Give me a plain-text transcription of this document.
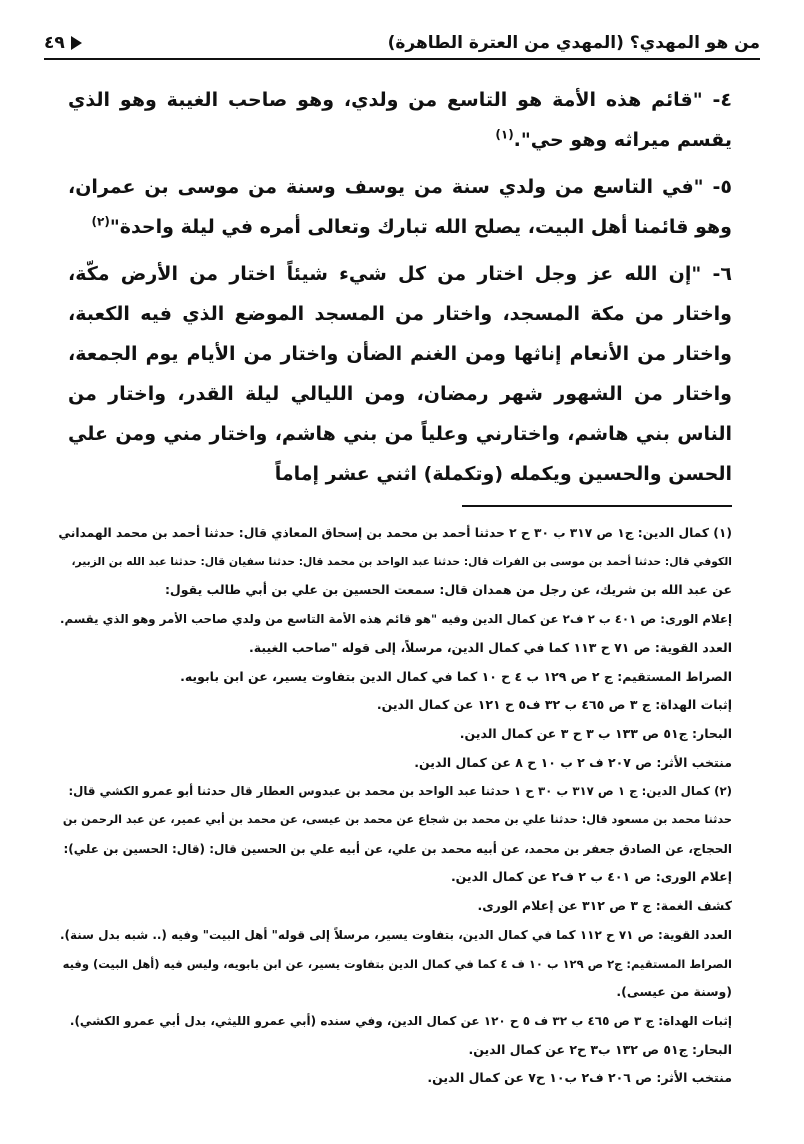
من هو المهدي؟ (المهدي من العترة الطاهرة)
٤٩

٤- "قائم هذه الأمة هو التاسع من ولدي، وهو صاحب الغيبة وهو الذي يقسم ميراثه وهو حي".$^{(١)}$

٥- "في التاسع من ولدي سنة من يوسف وسنة من موسى بن عمران، وهو قائمنا أهل البيت، يصلح الله تبارك وتعالى أمره في ليلة واحدة"$^{(٢)}$

٦- "إن الله عز وجل اختار من كل شيء شيئاً اختار من الأرض مكّة، واختار من مكة المسجد، واختار من المسجد الموضع الذي فيه الكعبة، واختار من الأنعام إناثها ومن الغنم الضأن واختار من الأيام يوم الجمعة، واختار من الشهور شهر رمضان، ومن الليالي ليلة القدر، واختار من الناس بني هاشم، واختارني وعلياً من بني هاشم، واختار مني ومن علي الحسن والحسين ويكمله (وتكملة) اثني عشر إماماً

(١) كمال الدين: ج١ ص ٣١٧ ب ٣٠ ح ٢ حدثنا أحمد بن محمد بن إسحاق المعاذي قال: حدثنا أحمد بن محمد الهمداني

الكوفي قال: حدثنا أحمد بن موسى بن الفرات قال: حدثنا عبد الواحد بن محمد قال: حدثنا سفيان قال: حدثنا عبد الله بن الزبير،

عن عبد الله بن شريك، عن رجل من همدان قال: سمعت الحسين بن علي بن أبي طالب يقول:

إعلام الورى: ص ٤٠١ ب ٢ ف٢ عن كمال الدين وفيه "هو قائم هذه الأمة التاسع من ولدي صاحب الأمر وهو الذي يقسم.

العدد القوية: ص ٧١ ح ١١٣ كما في كمال الدين، مرسلاً، إلى قوله "صاحب الغيبة.

الصراط المستقيم: ج ٢ ص ١٢٩ ب ٤ ح ١٠ كما في كمال الدين بتفاوت يسير، عن ابن بابويه.

إثبات الهداة: ج ٣ ص ٤٦٥ ب ٣٢ ف٥ ح ١٢١ عن كمال الدين.

البحار: ج٥١ ص ١٣٣ ب ٣ ح ٣ عن كمال الدين.

منتخب الأثر: ص ٢٠٧ ف ٢ ب ١٠ ح ٨ عن كمال الدين.

(٢) كمال الدين: ج ١ ص ٣١٧ ب ٣٠ ح ١ حدثنا عبد الواحد بن محمد بن عبدوس العطار قال حدثنا أبو عمرو الكشي قال:

حدثنا محمد بن مسعود قال: حدثنا علي بن محمد بن شجاع عن محمد بن عيسى، عن محمد بن أبي عمير، عن عبد الرحمن بن

الحجاج، عن الصادق جعفر بن محمد، عن أبيه محمد بن علي، عن أبيه علي بن الحسين قال: (قال: الحسين بن علي):

إعلام الورى: ص ٤٠١ ب ٢ ف٢ عن كمال الدين.

كشف الغمة: ج ٣ ص ٣١٢ عن إعلام الورى.

العدد القوية: ص ٧١ ح ١١٢ كما في كمال الدين، بتفاوت يسير، مرسلاً إلى قوله" أهل البيت" وفيه (.. شبه بدل سنة).

الصراط المستقيم: ج٢ ص ١٢٩ ب ١٠ ف ٤ كما في كمال الدين بتفاوت يسير، عن ابن بابويه، وليس فيه (أهل البيت) وفيه

(وسنة من عيسى).

إثبات الهداة: ج ٣ ص ٤٦٥ ب ٣٢ ف ٥ ح ١٢٠ عن كمال الدين، وفي سنده (أبي عمرو الليثي، بدل أبي عمرو الكشي).

البحار: ج٥١ ص ١٣٢ ب٣ ح٢ عن كمال الدين.

منتخب الأثر: ص ٢٠٦ ف٢ ب١٠ ح٧ عن كمال الدين.
